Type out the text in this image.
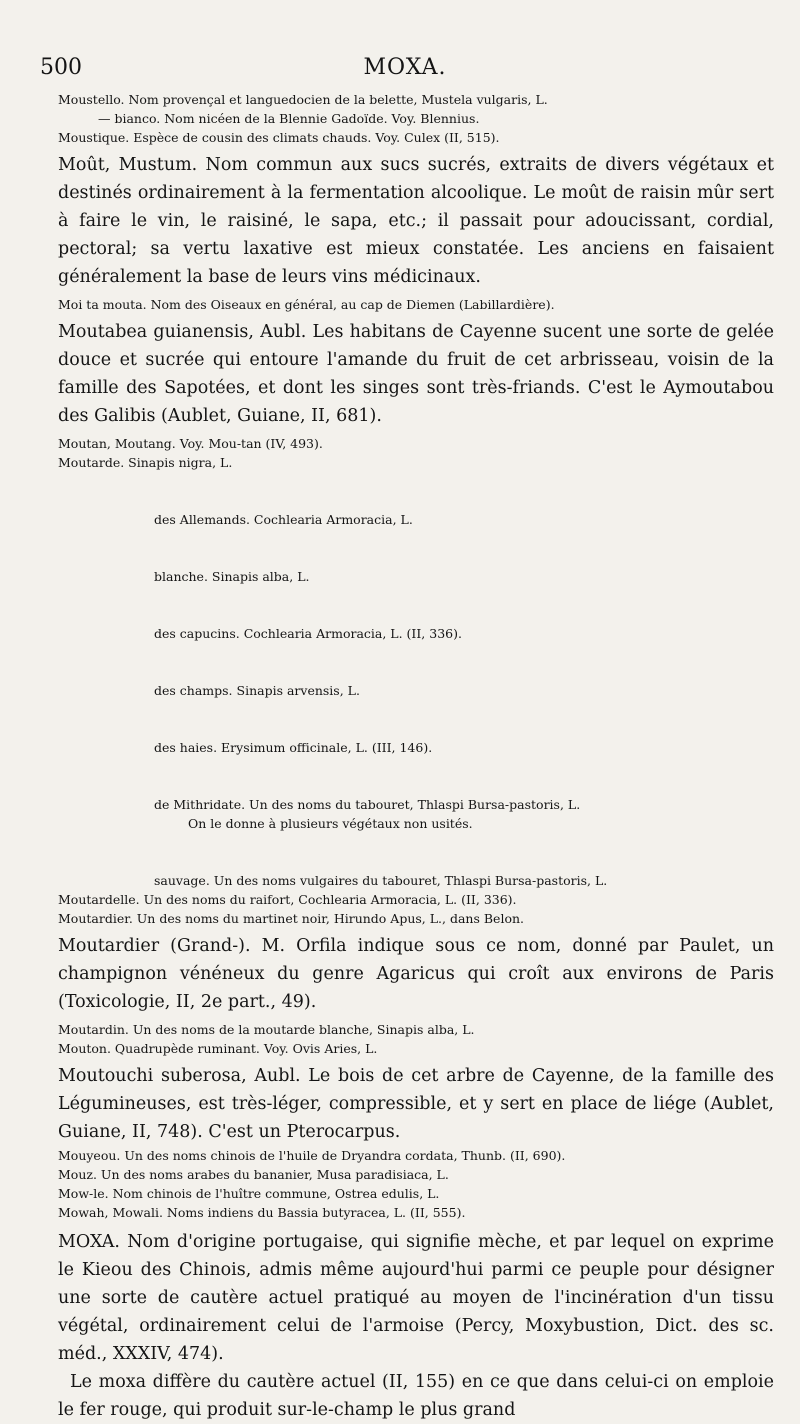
500	MOXA.
Moustello. Nom provençal et languedocien de la belette, Mustela vulgaris, L.
— bianco. Nom nicéen de la Blennie Gadoïde. Voy. Blennius.
Moustique. Espèce de cousin des climats chauds. Voy. Culex (II, 515).
Moût, Mustum. Nom commun aux sucs sucrés, extraits de divers végétaux et destinés ordinairement à la fermentation alcoolique. Le moût de raisin mûr sert à faire le vin, le raisiné, le sapa, etc.; il passait pour adoucissant, cordial, pectoral; sa vertu laxative est mieux constatée. Les anciens en faisaient généralement la base de leurs vins médicinaux.
Moi ta mouta. Nom des Oiseaux en général, au cap de Diemen (Labillardière).
Moutabea guianensis, Aubl. Les habitans de Cayenne sucent une sorte de gelée douce et sucrée qui entoure l'amande du fruit de cet arbrisseau, voisin de la famille des Sapotées, et dont les singes sont très-friands. C'est le Aymoutabou des Galibis (Aublet, Guiane, II, 681).
Moutan, Moutang. Voy. Mou-tan (IV, 493).
Moutarde. Sinapis nigra, L.

des Allemands. Cochlearia Armoracia, L.

blanche. Sinapis alba, L.

des capucins. Cochlearia Armoracia, L. (II, 336).

des champs. Sinapis arvensis, L.

des haies. Erysimum officinale, L. (III, 146).

de Mithridate. Un des noms du tabouret, Thlaspi Bursa-pastoris, L.

On le donne à plusieurs végétaux non usités.

sauvage. Un des noms vulgaires du tabouret, Thlaspi Bursa-pastoris, L.

Moutardelle. Un des noms du raifort, Cochlearia Armoracia, L. (II, 336).
Moutardier. Un des noms du martinet noir, Hirundo Apus, L., dans Belon.
Moutardier (Grand-). M. Orfila indique sous ce nom, donné par Paulet, un champignon vénéneux du genre Agaricus qui croît aux environs de Paris (Toxicologie, II, 2e part., 49).
Moutardin. Un des noms de la moutarde blanche, Sinapis alba, L.
Mouton. Quadrupède ruminant. Voy. Ovis Aries, L.
Moutouchi suberosa, Aubl. Le bois de cet arbre de Cayenne, de la famille des Légumineuses, est très-léger, compressible, et y sert en place de liége (Aublet, Guiane, II, 748). C'est un Pterocarpus.
Mouyeou. Un des noms chinois de l'huile de Dryandra cordata, Thunb. (II, 690).
Mouz. Un des noms arabes du bananier, Musa paradisiaca, L.
Mow-le. Nom chinois de l'huître commune, Ostrea edulis, L.
Mowah, Mowali. Noms indiens du Bassia butyracea, L. (II, 555).
MOXA. Nom d'origine portugaise, qui signifie mèche, et par lequel on exprime le Kieou des Chinois, admis même aujourd'hui parmi ce peuple pour désigner une sorte de cautère actuel pratiqué au moyen de l'incinération d'un tissu végétal, ordinairement celui de l'armoise (Percy, Moxybustion, Dict. des sc. méd., XXXIV, 474).
Le moxa diffère du cautère actuel (II, 155) en ce que dans celui-ci on emploie le fer rouge, qui produit sur-le-champ le plus grand
